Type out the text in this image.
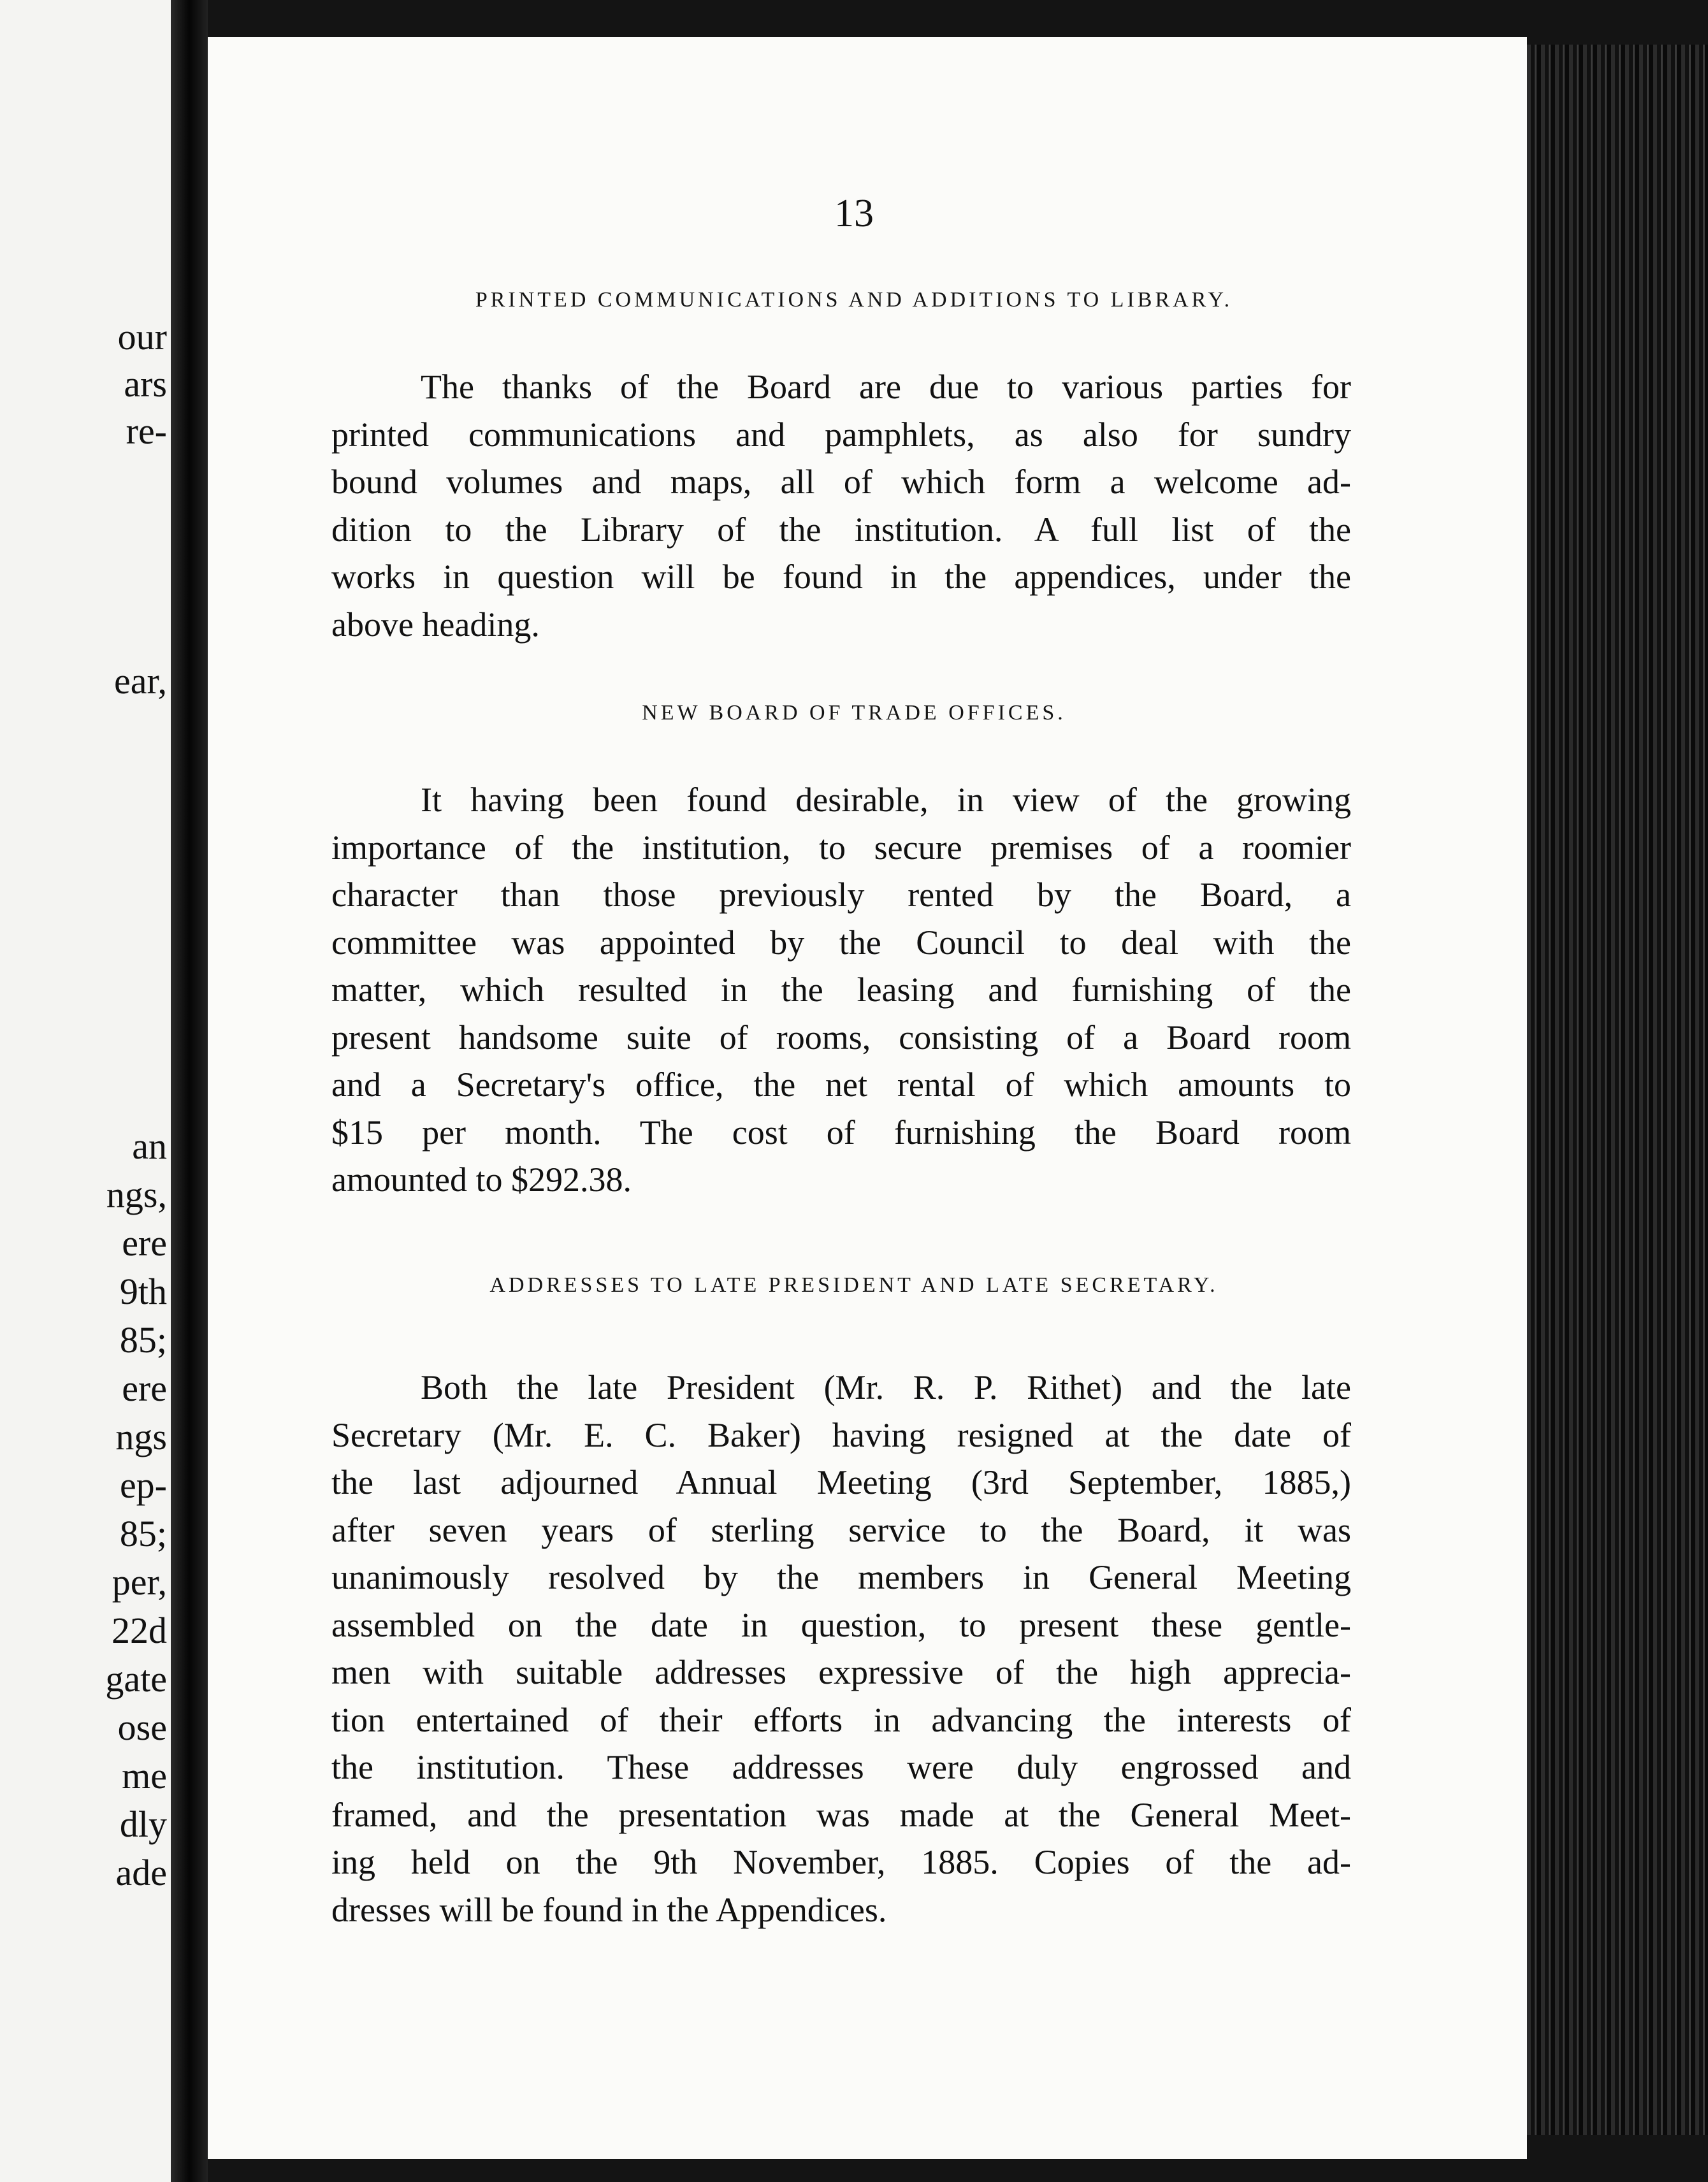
our
ars
re-
ear,
an
ngs,
ere
9th
85;
ere
ngs
ep-
85;
per,
22d
gate
ose
me
dly
ade
13
PRINTED COMMUNICATIONS AND ADDITIONS TO LIBRARY.
The thanks of the Board are due to various parties for
printed communications and pamphlets, as also for sundry
bound volumes and maps, all of which form a welcome ad-
dition to the Library of the institution. A full list of the
works in question will be found in the appendices, under the
above heading.
NEW BOARD OF TRADE OFFICES.
It having been found desirable, in view of the growing
importance of the institution, to secure premises of a roomier
character than those previously rented by the Board, a
committee was appointed by the Council to deal with the
matter, which resulted in the leasing and furnishing of the
present handsome suite of rooms, consisting of a Board room
and a Secretary's office, the net rental of which amounts to
$15 per month. The cost of furnishing the Board room
amounted to $292.38.
ADDRESSES TO LATE PRESIDENT AND LATE SECRETARY.
Both the late President (Mr. R. P. Rithet) and the late
Secretary (Mr. E. C. Baker) having resigned at the date of
the last adjourned Annual Meeting (3rd September, 1885,)
after seven years of sterling service to the Board, it was
unanimously resolved by the members in General Meeting
assembled on the date in question, to present these gentle-
men with suitable addresses expressive of the high apprecia-
tion entertained of their efforts in advancing the interests of
the institution. These addresses were duly engrossed and
framed, and the presentation was made at the General Meet-
ing held on the 9th November, 1885. Copies of the ad-
dresses will be found in the Appendices.
